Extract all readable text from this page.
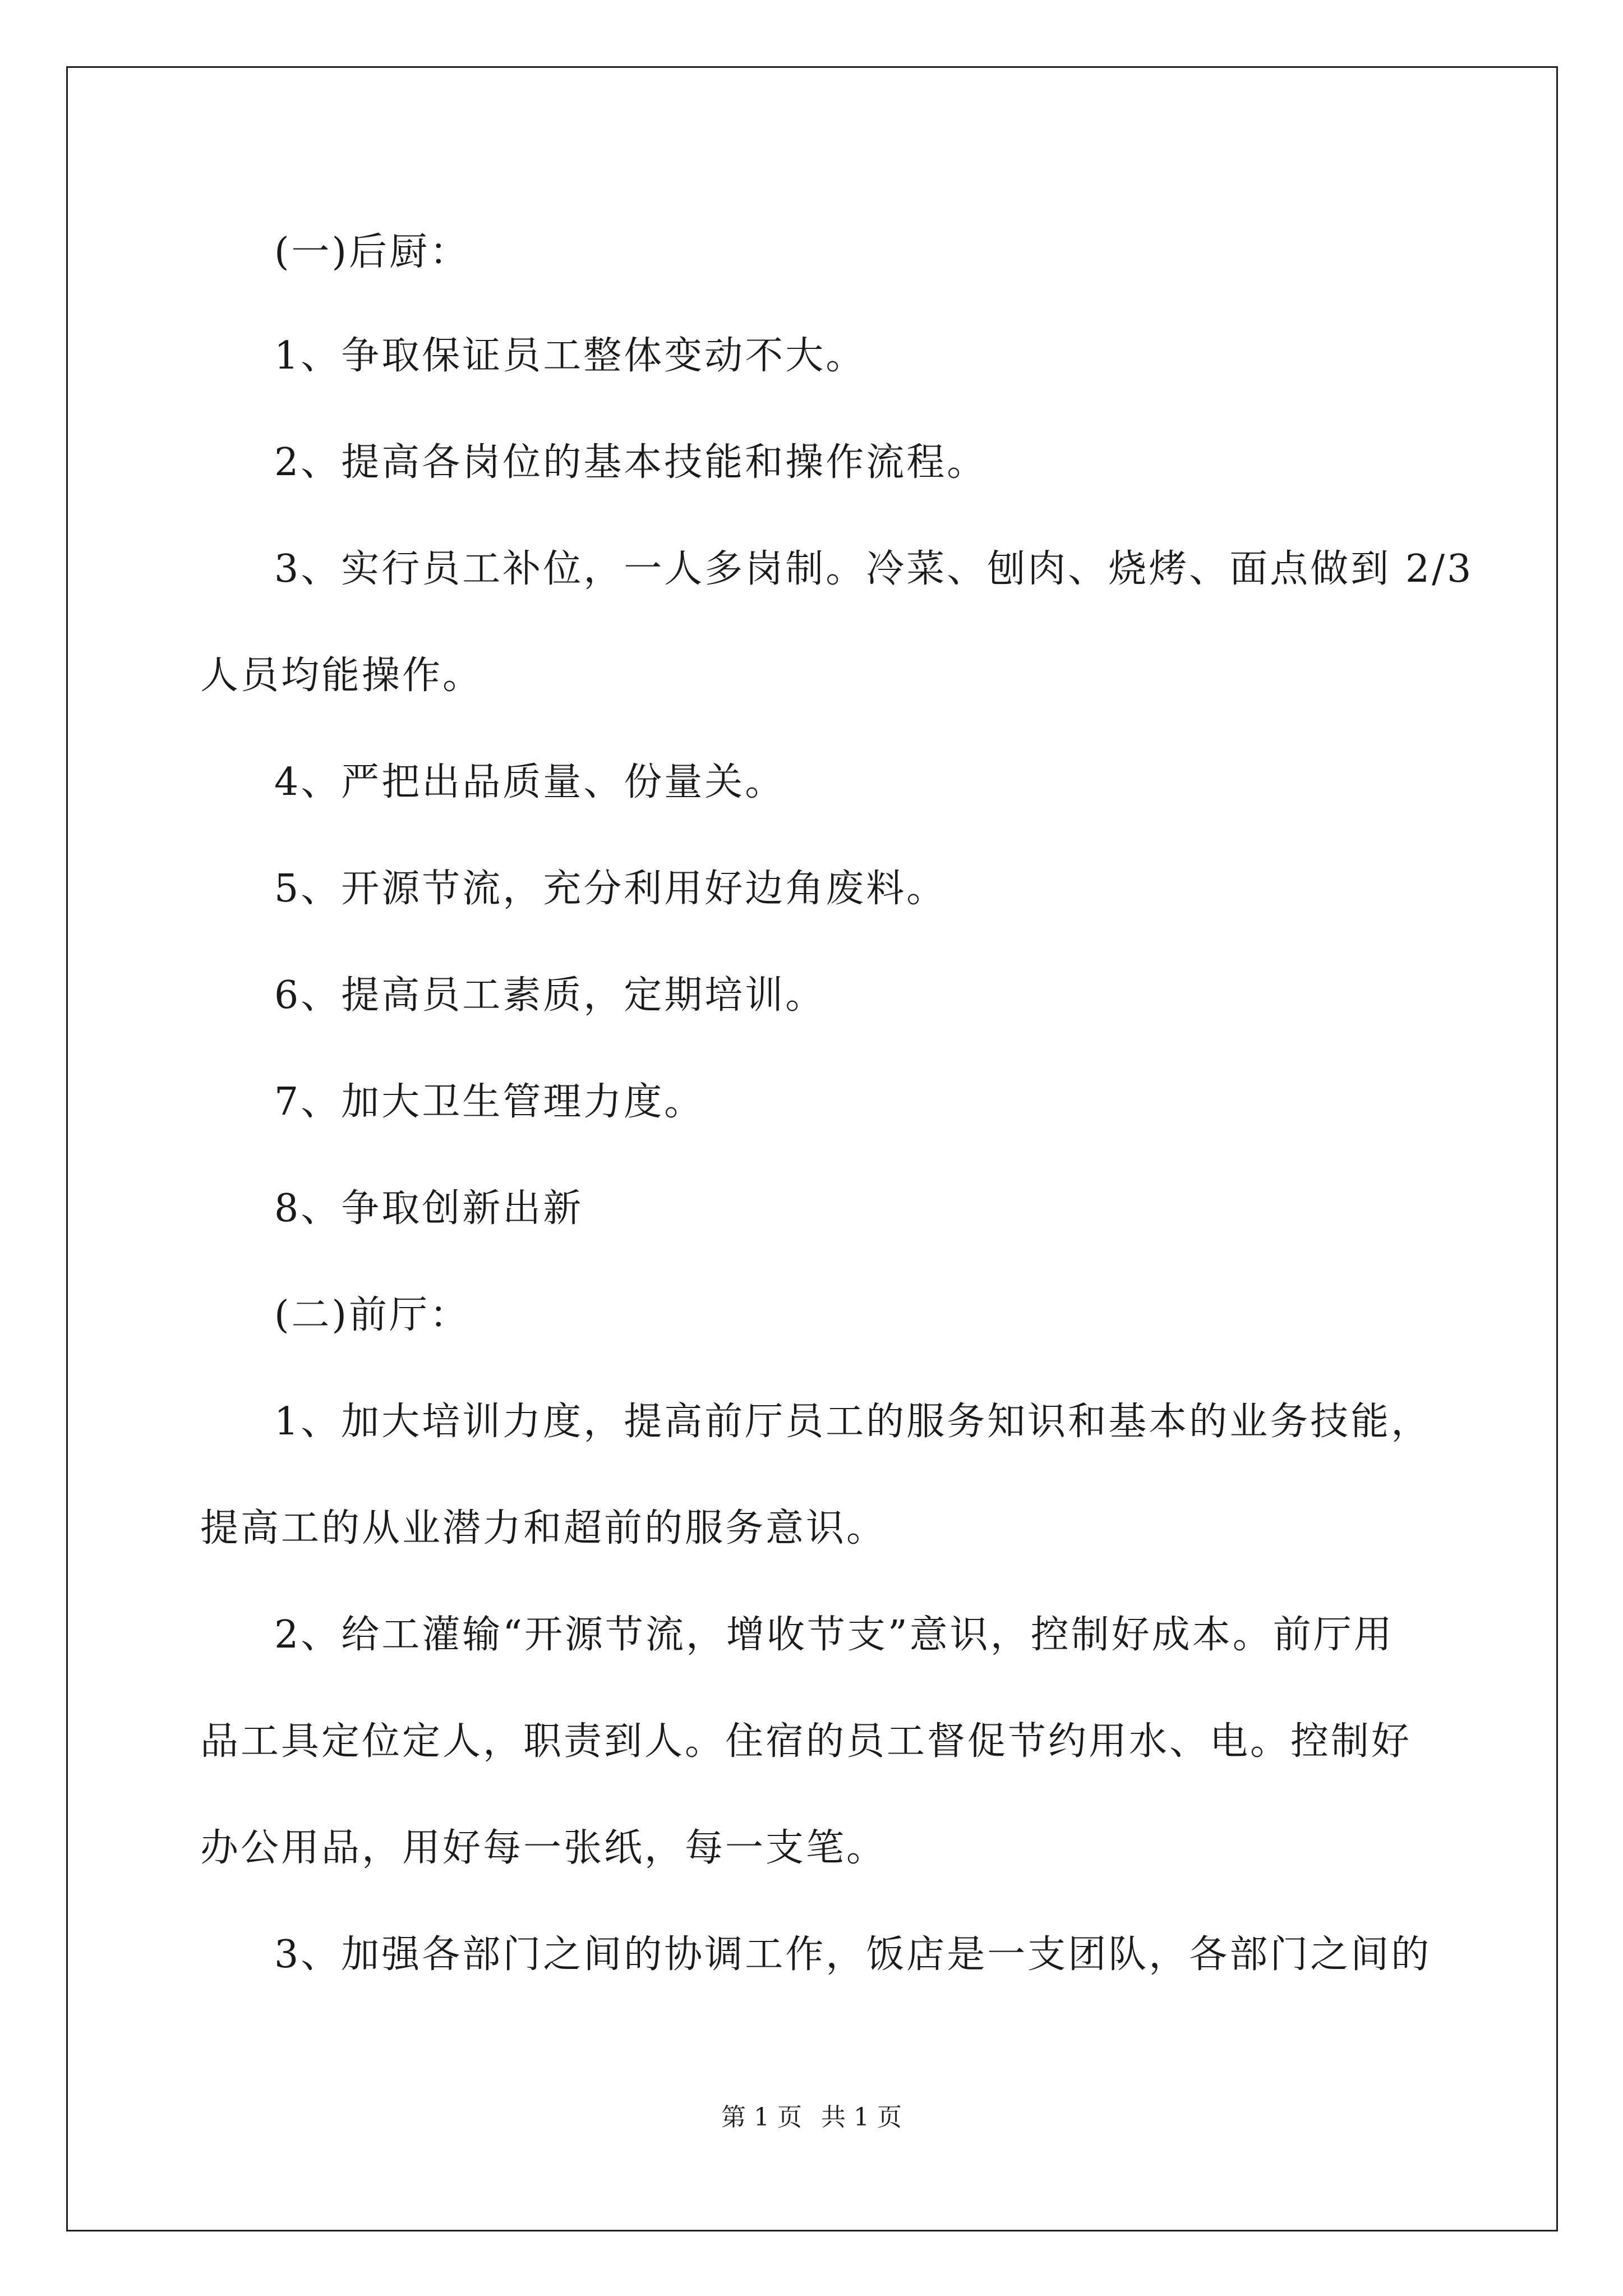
(一)后厨：
1、争取保证员工整体变动不大。
2、提高各岗位的基本技能和操作流程。
3、实行员工补位，一人多岗制。冷菜、刨肉、烧烤、面点做到 2/3
人员均能操作。
4、严把出品质量、份量关。
5、开源节流，充分利用好边角废料。
6、提高员工素质，定期培训。
7、加大卫生管理力度。
8、争取创新出新
(二)前厅：
1、加大培训力度，提高前厅员工的服务知识和基本的业务技能，
提高工的从业潜力和超前的服务意识。
2、给工灌输“开源节流，增收节支”意识，控制好成本。前厅用
品工具定位定人，职责到人。住宿的员工督促节约用水、电。控制好
办公用品，用好每一张纸，每一支笔。
3、加强各部门之间的协调工作，饭店是一支团队，各部门之间的
第 1 页 共 1 页
